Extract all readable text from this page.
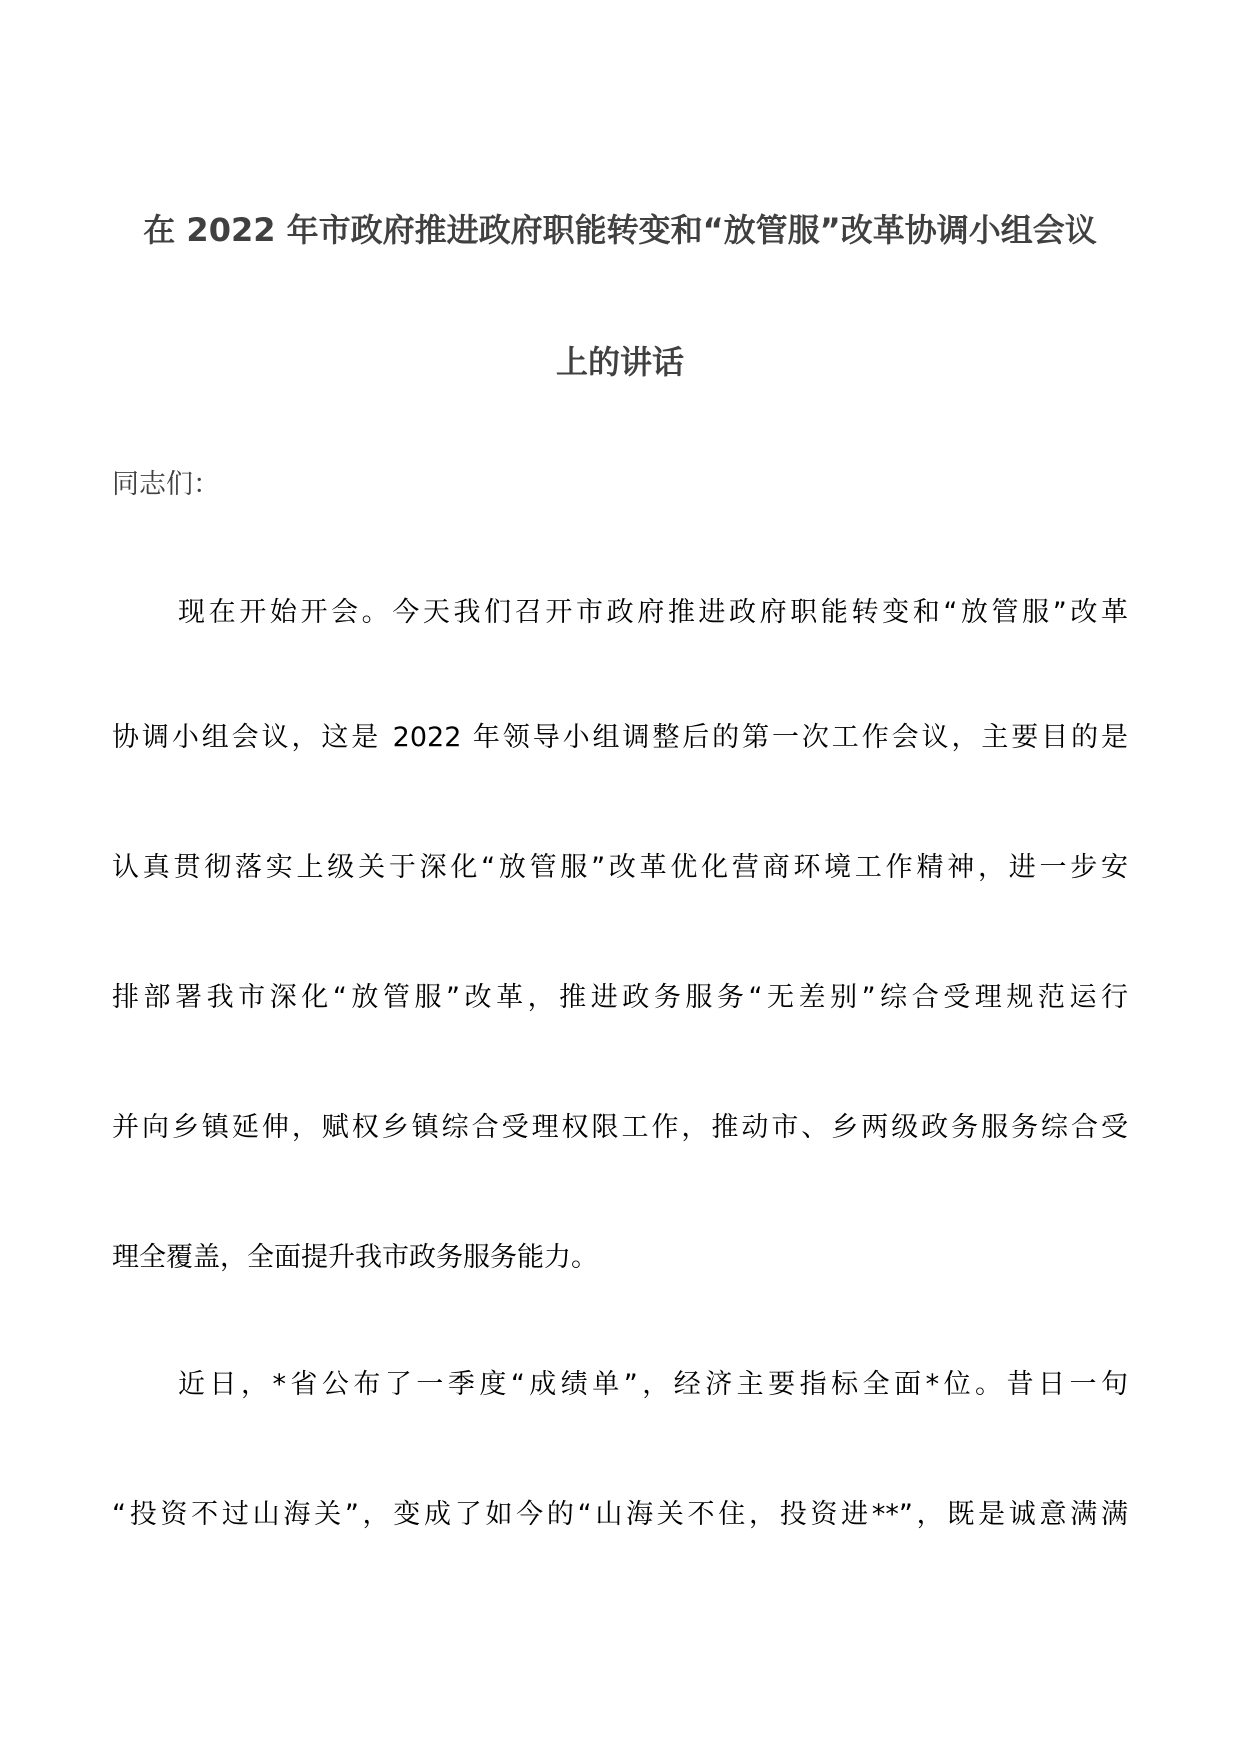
在 2022 年市政府推进政府职能转变和“放管服”改革协调小组会议
上的讲话
同志们：
现在开始开会。今天我们召开市政府推进政府职能转变和“放管服”改革
协调小组会议，这是 2022 年领导小组调整后的第一次工作会议，主要目的是
认真贯彻落实上级关于深化“放管服”改革优化营商环境工作精神，进一步安
排部署我市深化“放管服”改革，推进政务服务“无差别”综合受理规范运行
并向乡镇延伸，赋权乡镇综合受理权限工作，推动市、乡两级政务服务综合受
理全覆盖，全面提升我市政务服务能力。
近日，*省公布了一季度“成绩单”，经济主要指标全面*位。昔日一句
“投资不过山海关”，变成了如今的“山海关不住，投资进**”，既是诚意满满
